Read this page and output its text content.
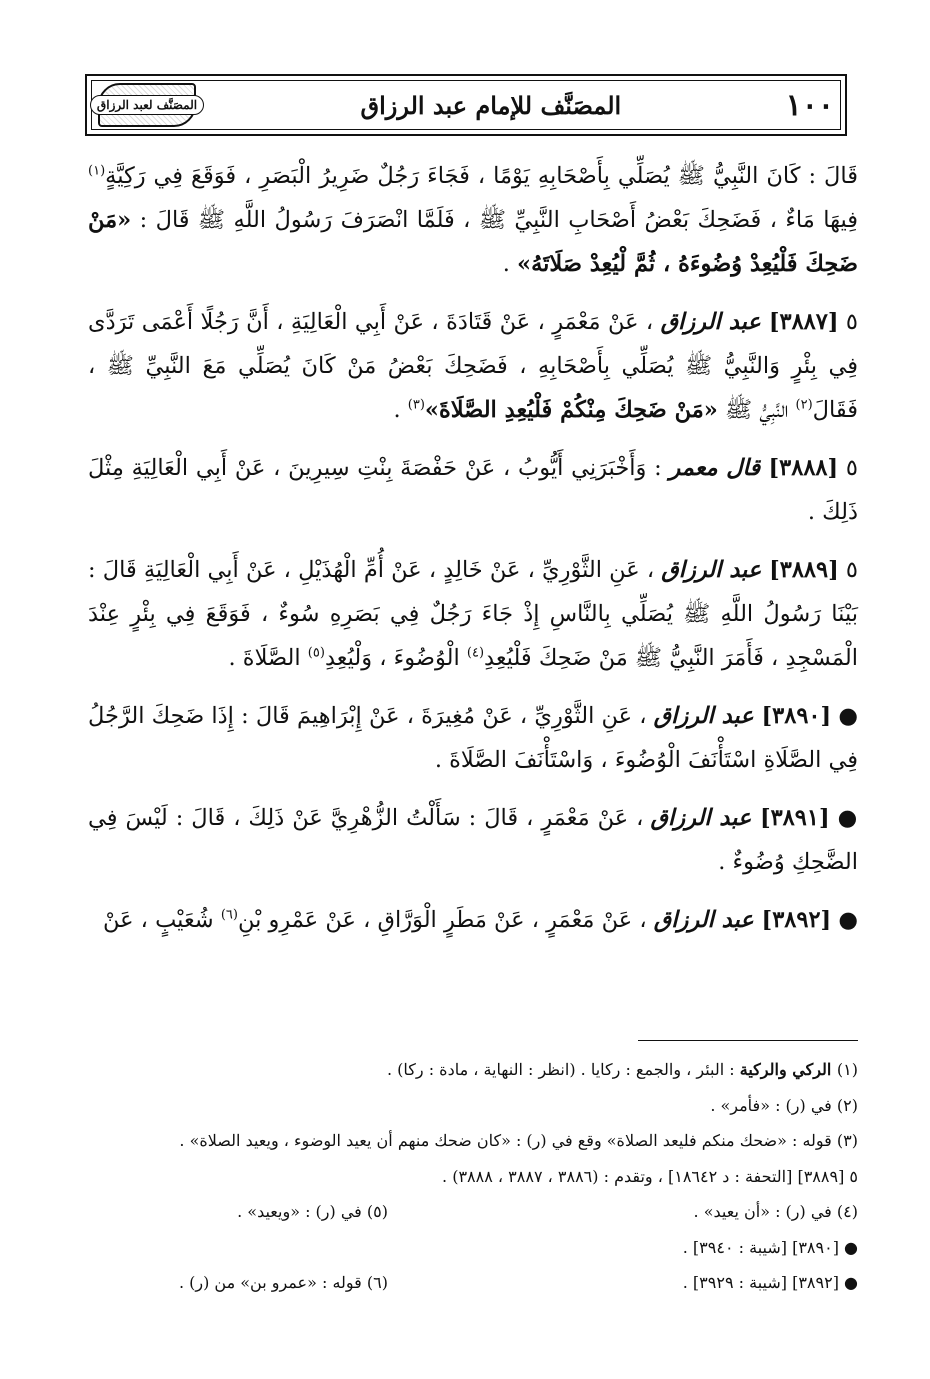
المصَنَّف لعبد الرزاق	المصَنَّف للإمام عبد الرزاق	١٠٠

قَالَ : كَانَ النَّبِيُّ ﷺ يُصَلِّي بِأَصْحَابِهِ يَوْمًا ، فَجَاءَ رَجُلٌ ضَرِيرُ الْبَصَرِ ، فَوَقَعَ فِي رَكِيَّةٍ$^{(١)}$ فِيهَا مَاءٌ ، فَضَحِكَ بَعْضُ أَصْحَابِ النَّبِيِّ ﷺ ، فَلَمَّا انْصَرَفَ رَسُولُ اللَّهِ ﷺ قَالَ : «مَنْ ضَحِكَ فَلْيُعِدْ وُضُوءَهُ ، ثُمَّ لْيُعِدْ صَلَاتَهُ» .

٥ [٣٨٨٧] عبد الرزاق ، عَنْ مَعْمَرٍ ، عَنْ قَتَادَةَ ، عَنْ أَبِي الْعَالِيَةِ ، أَنَّ رَجُلًا أَعْمَى تَرَدَّى فِي بِئْرٍ وَالنَّبِيُّ ﷺ يُصَلِّي بِأَصْحَابِهِ ، فَضَحِكَ بَعْضُ مَنْ كَانَ يُصَلِّي مَعَ النَّبِيِّ ﷺ ، فَقَالَ$^{(٢)}$ النَّبِيُّ ﷺ «مَنْ ضَحِكَ مِنْكُمْ فَلْيُعِدِ الصَّلَاةَ»$^{(٣)}$ .

٥ [٣٨٨٨] قال معمر : وَأَخْبَرَنِي أَيُّوبُ ، عَنْ حَفْصَةَ بِنْتِ سِيرِينَ ، عَنْ أَبِي الْعَالِيَةِ مِثْلَ ذَلِكَ .

٥ [٣٨٨٩] عبد الرزاق ، عَنِ الثَّوْرِيِّ ، عَنْ خَالِدٍ ، عَنْ أُمِّ الْهُذَيْلِ ، عَنْ أَبِي الْعَالِيَةِ قَالَ : بَيْنَا رَسُولُ اللَّهِ ﷺ يُصَلِّي بِالنَّاسِ إِذْ جَاءَ رَجُلٌ فِي بَصَرِهِ سُوءٌ ، فَوَقَعَ فِي بِئْرٍ عِنْدَ الْمَسْجِدِ ، فَأَمَرَ النَّبِيُّ ﷺ مَنْ ضَحِكَ فَلْيُعِدِ$^{(٤)}$ الْوُضُوءَ ، وَلْيُعِدِ$^{(٥)}$ الصَّلَاةَ .

● [٣٨٩٠] عبد الرزاق ، عَنِ الثَّوْرِيِّ ، عَنْ مُغِيرَةَ ، عَنْ إِبْرَاهِيمَ قَالَ : إِذَا ضَحِكَ الرَّجُلُ فِي الصَّلَاةِ اسْتَأْنَفَ الْوُضُوءَ ، وَاسْتَأْنَفَ الصَّلَاةَ .

● [٣٨٩١] عبد الرزاق ، عَنْ مَعْمَرٍ ، قَالَ : سَأَلْتُ الزُّهْرِيَّ عَنْ ذَلِكَ ، قَالَ : لَيْسَ فِي الضَّحِكِ وُضُوءٌ .

● [٣٨٩٢] عبد الرزاق ، عَنْ مَعْمَرٍ ، عَنْ مَطَرٍ الْوَرَّاقِ ، عَنْ عَمْرِو بْنِ$^{(٦)}$ شُعَيْبٍ ، عَنْ

(١) الركي والركية : البئر ، والجمع : ركايا . (انظر : النهاية ، مادة : ركا) .
(٢) في (ر) : «فأمر» .
(٣) قوله : «ضحك منكم فليعد الصلاة» وقع في (ر) : «كان ضحك منهم أن يعيد الوضوء ، ويعيد الصلاة» .
٥ [٣٨٨٩] [التحفة : د ١٨٦٤٢] ، وتقدم : (٣٨٨٦ ، ٣٨٨٧ ، ٣٨٨٨) .
(٤) في (ر) : «أن يعيد» .
(٥) في (ر) : «ويعيد» .
● [٣٨٩٠] [شيبة : ٣٩٤٠] .
● [٣٨٩٢] [شيبة : ٣٩٢٩] .
(٦) قوله : «عمرو بن» من (ر) .
